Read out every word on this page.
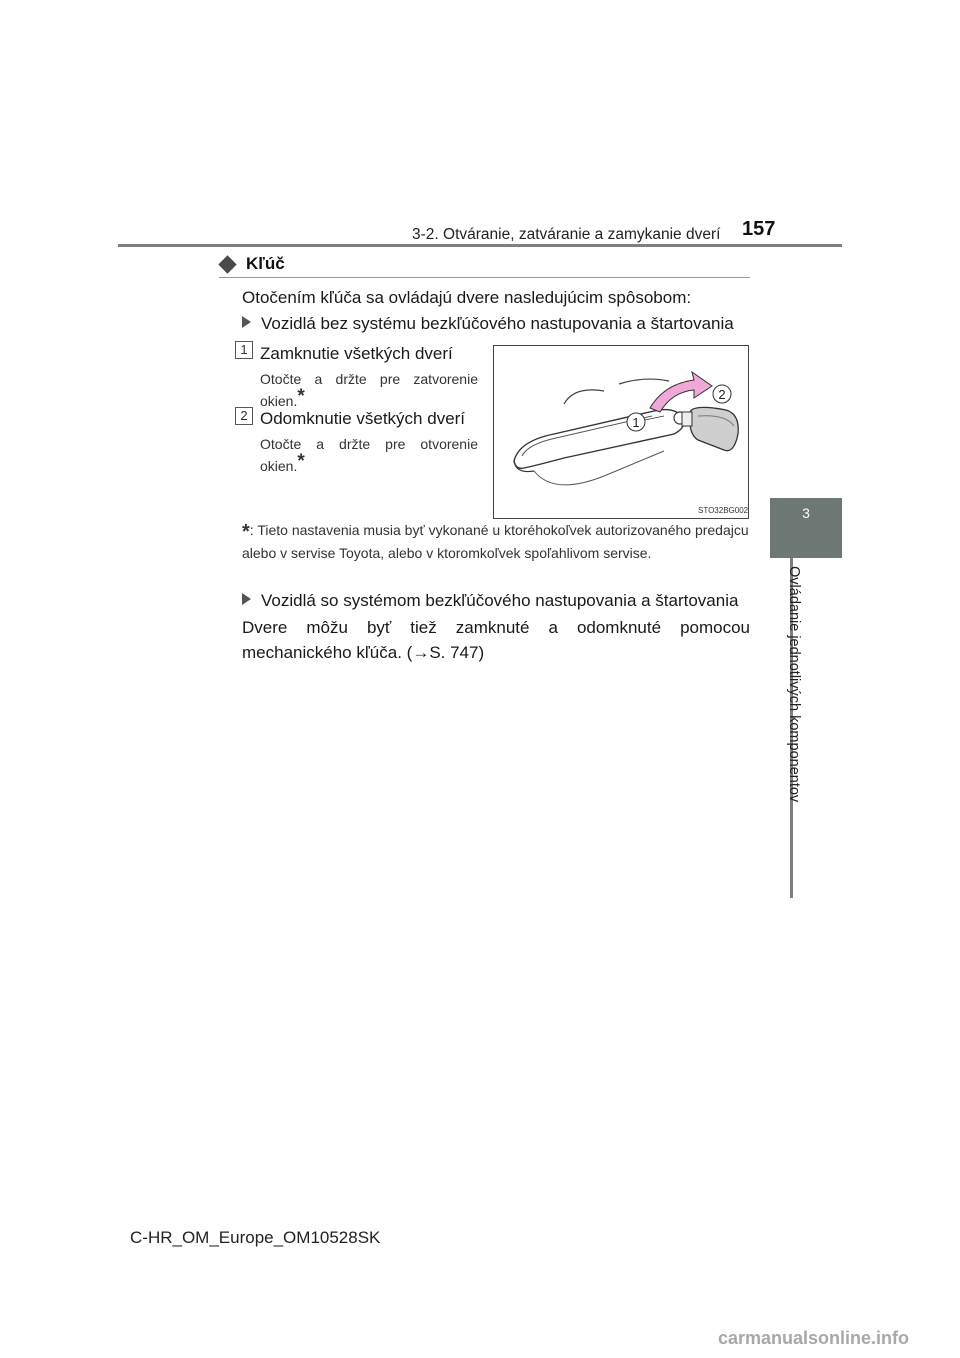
3-2. Otváranie, zatváranie a zamykanie dverí 157
3
Ovládanie jednotlivých komponentov
Kľúč
Otočením kľúča sa ovládajú dvere nasledujúcim spôsobom:
Vozidlá bez systému bezkľúčového nastupovania a štartovania
1 Zamknutie všetkých dverí
Otočte a držte pre zatvorenie okien.*
2 Odomknutie všetkých dverí
Otočte a držte pre otvorenie okien.*
1
2
STO32BG002
*: Tieto nastavenia musia byť vykonané u ktoréhokoľvek autorizovaného predajcu alebo v servise Toyota, alebo v ktoromkoľvek spoľahlivom servise.
Vozidlá so systémom bezkľúčového nastupovania a štartovania
Dvere môžu byť tiež zamknuté a odomknuté pomocou mechanického kľúča. (→S. 747)
C-HR_OM_Europe_OM10528SK
carmanualsonline.info
